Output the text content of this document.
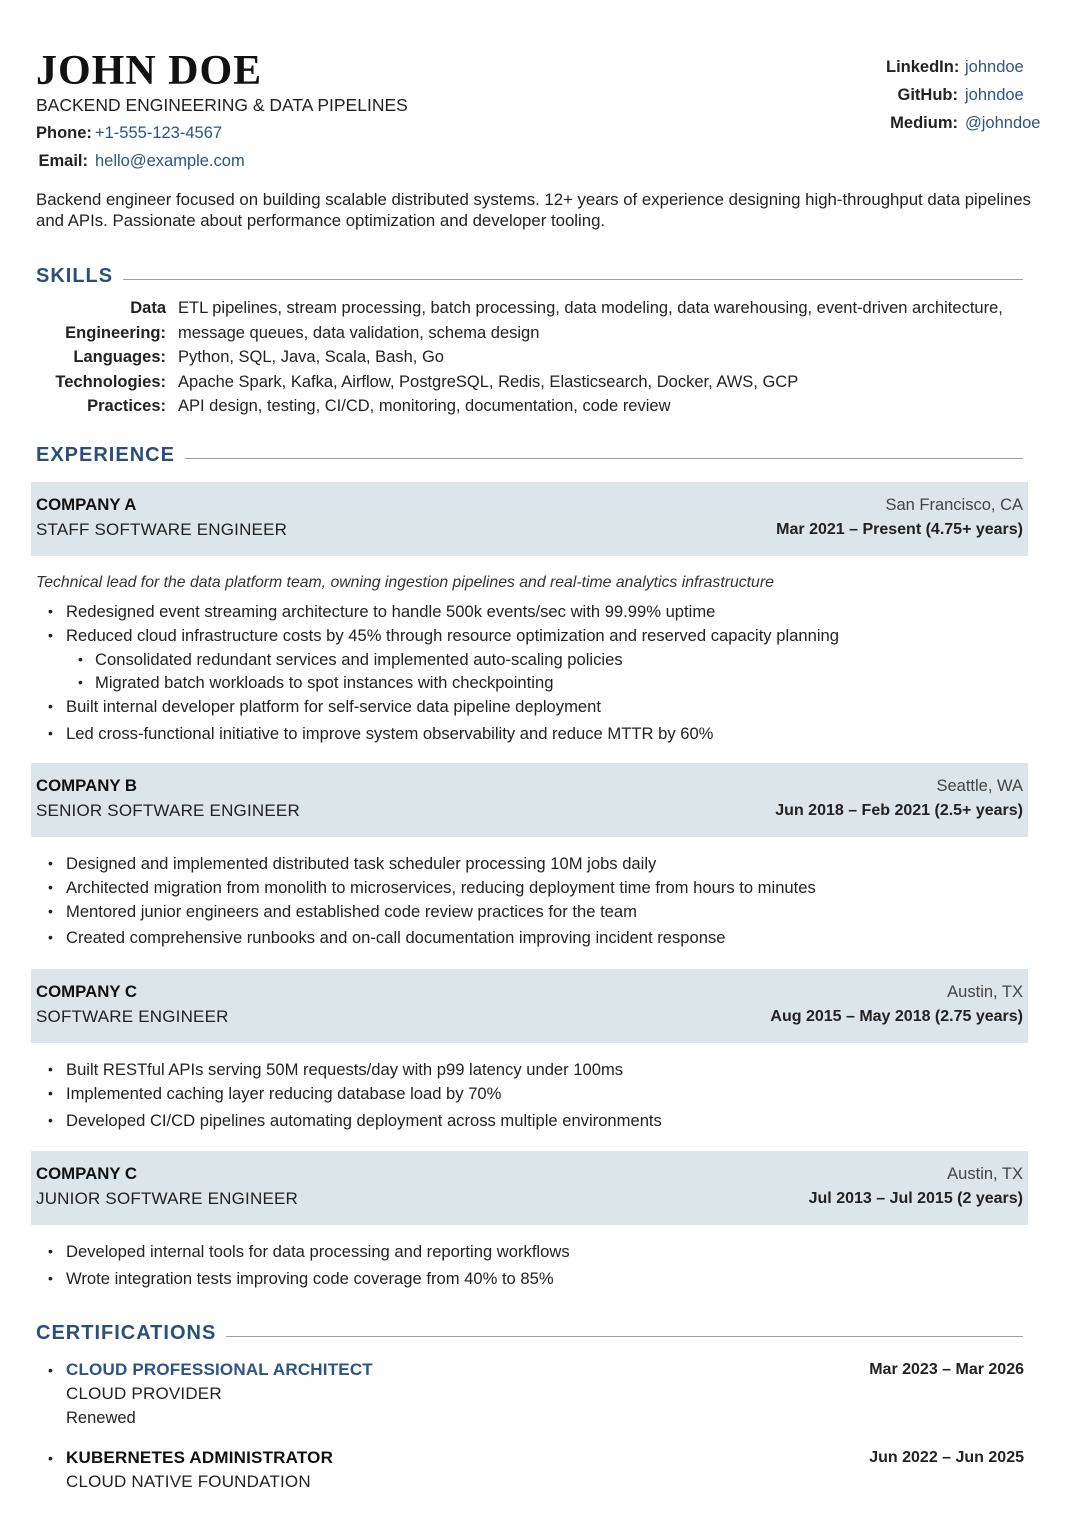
JOHN DOE
BACKEND ENGINEERING & DATA PIPELINES
Phone: +1-555-123-4567
Email: hello@example.com
LinkedIn: johndoe
GitHub: johndoe
Medium: @johndoe
Backend engineer focused on building scalable distributed systems. 12+ years of experience designing high-throughput data pipelines and APIs. Passionate about performance optimization and developer tooling.
SKILLS
Data Engineering:
ETL pipelines, stream processing, batch processing, data modeling, data warehousing, event-driven architecture, message queues, data validation, schema design
Languages: Python, SQL, Java, Scala, Bash, Go
Technologies: Apache Spark, Kafka, Airflow, PostgreSQL, Redis, Elasticsearch, Docker, AWS, GCP
Practices: API design, testing, CI/CD, monitoring, documentation, code review
EXPERIENCE
COMPANY A
STAFF SOFTWARE ENGINEER
San Francisco, CA
Mar 2021 – Present (4.75+ years)
Technical lead for the data platform team, owning ingestion pipelines and real-time analytics infrastructure
• Redesigned event streaming architecture to handle 500k events/sec with 99.99% uptime
• Reduced cloud infrastructure costs by 45% through resource optimization and reserved capacity planning
• Consolidated redundant services and implemented auto-scaling policies
• Migrated batch workloads to spot instances with checkpointing
• Built internal developer platform for self-service data pipeline deployment
• Led cross-functional initiative to improve system observability and reduce MTTR by 60%
COMPANY B
SENIOR SOFTWARE ENGINEER
Seattle, WA
Jun 2018 – Feb 2021 (2.5+ years)
• Designed and implemented distributed task scheduler processing 10M jobs daily
• Architected migration from monolith to microservices, reducing deployment time from hours to minutes
• Mentored junior engineers and established code review practices for the team
• Created comprehensive runbooks and on-call documentation improving incident response
COMPANY C
SOFTWARE ENGINEER
Austin, TX
Aug 2015 – May 2018 (2.75 years)
• Built RESTful APIs serving 50M requests/day with p99 latency under 100ms
• Implemented caching layer reducing database load by 70%
• Developed CI/CD pipelines automating deployment across multiple environments
COMPANY C
JUNIOR SOFTWARE ENGINEER
Austin, TX
Jul 2013 – Jul 2015 (2 years)
• Developed internal tools for data processing and reporting workflows
• Wrote integration tests improving code coverage from 40% to 85%
CERTIFICATIONS
• CLOUD PROFESSIONAL ARCHITECT
CLOUD PROVIDER
Renewed
Mar 2023 – Mar 2026
• KUBERNETES ADMINISTRATOR
CLOUD NATIVE FOUNDATION
Jun 2022 – Jun 2025
